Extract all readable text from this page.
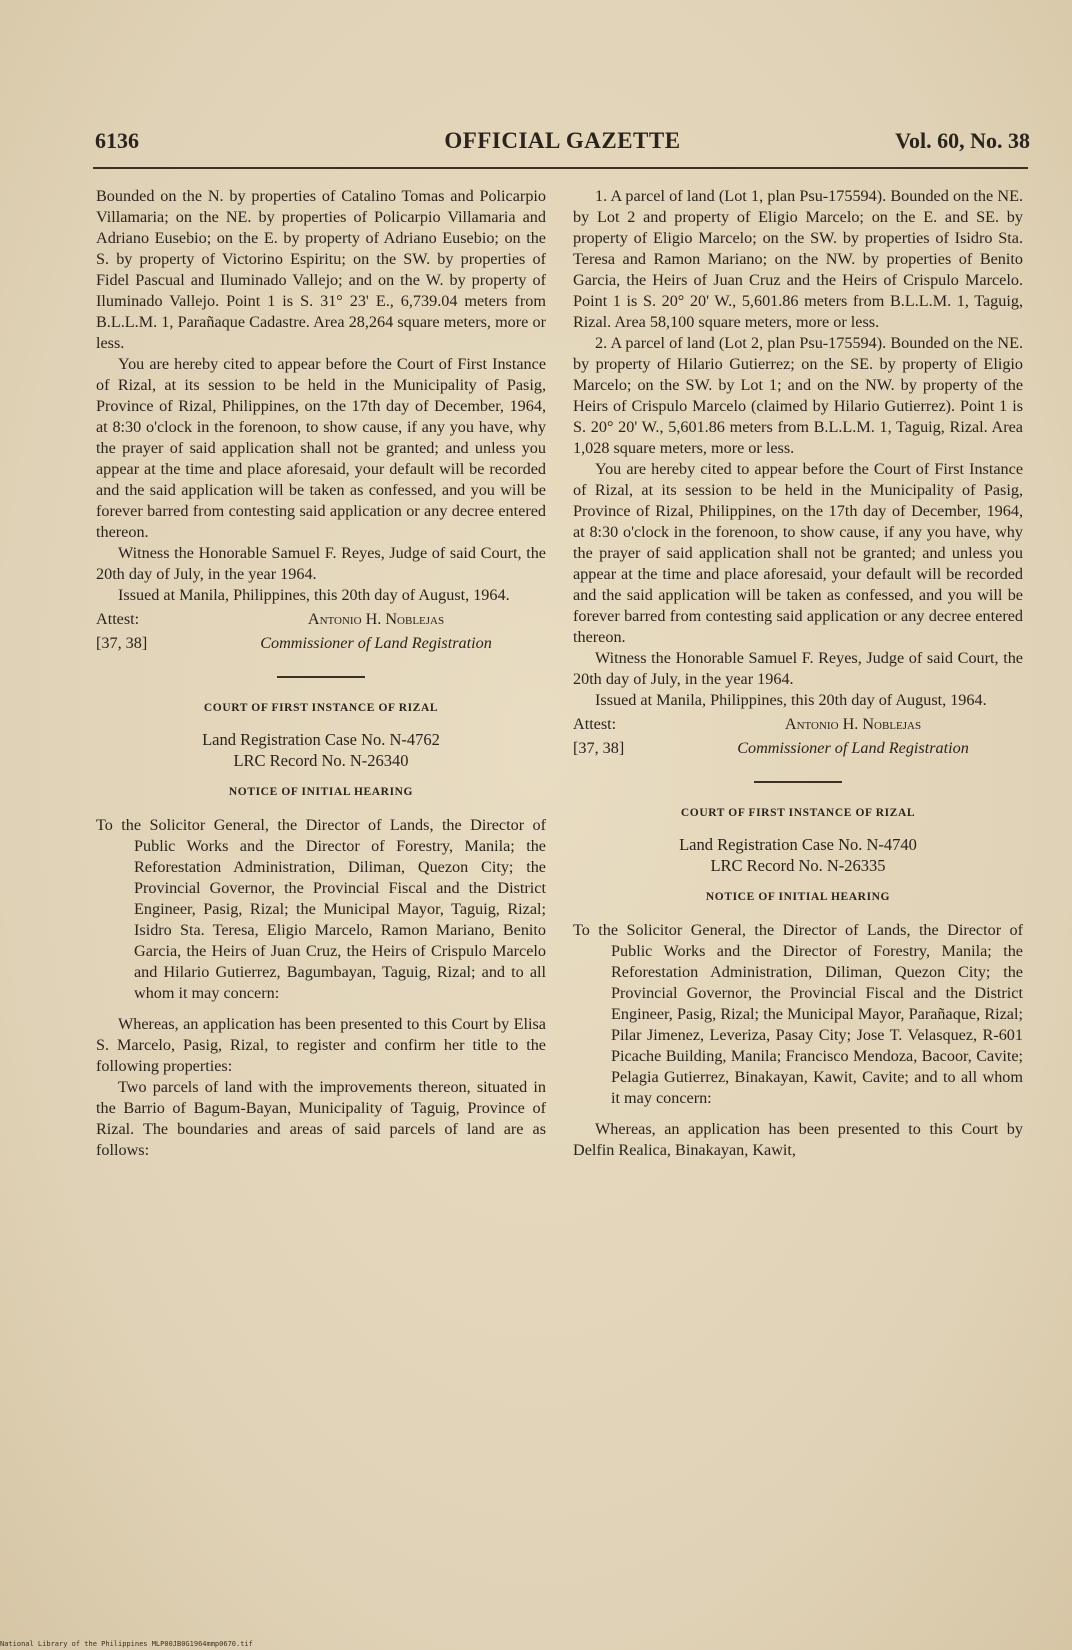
OFFICIAL GAZETTE
6136	Vol. 60, No. 38

Bounded on the N. by properties of Catalino Tomas and Policarpio Villamaria; on the NE. by properties of Policarpio Villamaria and Adriano Eusebio; on the E. by property of Adriano Eusebio; on the S. by property of Victorino Espiritu; on the SW. by properties of Fidel Pascual and Iluminado Vallejo; and on the W. by property of Iluminado Vallejo. Point 1 is S. 31° 23' E., 6,739.04 meters from B.L.L.M. 1, Parañaque Cadastre. Area 28,264 square meters, more or less.

You are hereby cited to appear before the Court of First Instance of Rizal, at its session to be held in the Municipality of Pasig, Province of Rizal, Philippines, on the 17th day of December, 1964, at 8:30 o'clock in the forenoon, to show cause, if any you have, why the prayer of said application shall not be granted; and unless you appear at the time and place aforesaid, your default will be recorded and the said application will be taken as confessed, and you will be forever barred from contesting said application or any decree entered thereon.

Witness the Honorable Samuel F. Reyes, Judge of said Court, the 20th day of July, in the year 1964.

Issued at Manila, Philippines, this 20th day of August, 1964.

Attest:	Antonio H. Noblejas
[37, 38]	Commissioner of Land Registration
COURT OF FIRST INSTANCE OF RIZAL
Land Registration Case No. N-4762
LRC Record No. N-26340
NOTICE OF INITIAL HEARING

To the Solicitor General, the Director of Lands, the Director of Public Works and the Director of Forestry, Manila; the Reforestation Administration, Diliman, Quezon City; the Provincial Governor, the Provincial Fiscal and the District Engineer, Pasig, Rizal; the Municipal Mayor, Taguig, Rizal; Isidro Sta. Teresa, Eligio Marcelo, Ramon Mariano, Benito Garcia, the Heirs of Juan Cruz, the Heirs of Crispulo Marcelo and Hilario Gutierrez, Bagumbayan, Taguig, Rizal; and to all whom it may concern:

Whereas, an application has been presented to this Court by Elisa S. Marcelo, Pasig, Rizal, to register and confirm her title to the following properties:

Two parcels of land with the improvements thereon, situated in the Barrio of Bagum-Bayan, Municipality of Taguig, Province of Rizal. The boundaries and areas of said parcels of land are as follows:

1. A parcel of land (Lot 1, plan Psu-175594). Bounded on the NE. by Lot 2 and property of Eligio Marcelo; on the E. and SE. by property of Eligio Marcelo; on the SW. by properties of Isidro Sta. Teresa and Ramon Mariano; on the NW. by properties of Benito Garcia, the Heirs of Juan Cruz and the Heirs of Crispulo Marcelo. Point 1 is S. 20° 20' W., 5,601.86 meters from B.L.L.M. 1, Taguig, Rizal. Area 58,100 square meters, more or less.

2. A parcel of land (Lot 2, plan Psu-175594). Bounded on the NE. by property of Hilario Gutierrez; on the SE. by property of Eligio Marcelo; on the SW. by Lot 1; and on the NW. by property of the Heirs of Crispulo Marcelo (claimed by Hilario Gutierrez). Point 1 is S. 20° 20' W., 5,601.86 meters from B.L.L.M. 1, Taguig, Rizal. Area 1,028 square meters, more or less.

You are hereby cited to appear before the Court of First Instance of Rizal, at its session to be held in the Municipality of Pasig, Province of Rizal, Philippines, on the 17th day of December, 1964, at 8:30 o'clock in the forenoon, to show cause, if any you have, why the prayer of said application shall not be granted; and unless you appear at the time and place aforesaid, your default will be recorded and the said application will be taken as confessed, and you will be forever barred from contesting said application or any decree entered thereon.

Witness the Honorable Samuel F. Reyes, Judge of said Court, the 20th day of July, in the year 1964.

Issued at Manila, Philippines, this 20th day of August, 1964.

Attest:	Antonio H. Noblejas
[37, 38]	Commissioner of Land Registration
COURT OF FIRST INSTANCE OF RIZAL
Land Registration Case No. N-4740
LRC Record No. N-26335
NOTICE OF INITIAL HEARING

To the Solicitor General, the Director of Lands, the Director of Public Works and the Director of Forestry, Manila; the Reforestation Administration, Diliman, Quezon City; the Provincial Governor, the Provincial Fiscal and the District Engineer, Pasig, Rizal; the Municipal Mayor, Parañaque, Rizal; Pilar Jimenez, Leveriza, Pasay City; Jose T. Velasquez, R-601 Picache Building, Manila; Francisco Mendoza, Bacoor, Cavite; Pelagia Gutierrez, Binakayan, Kawit, Cavite; and to all whom it may concern:

Whereas, an application has been presented to this Court by Delfin Realica, Binakayan, Kawit,

National Library of the Philippines MLP00JB0G1964mmp0670.tif
